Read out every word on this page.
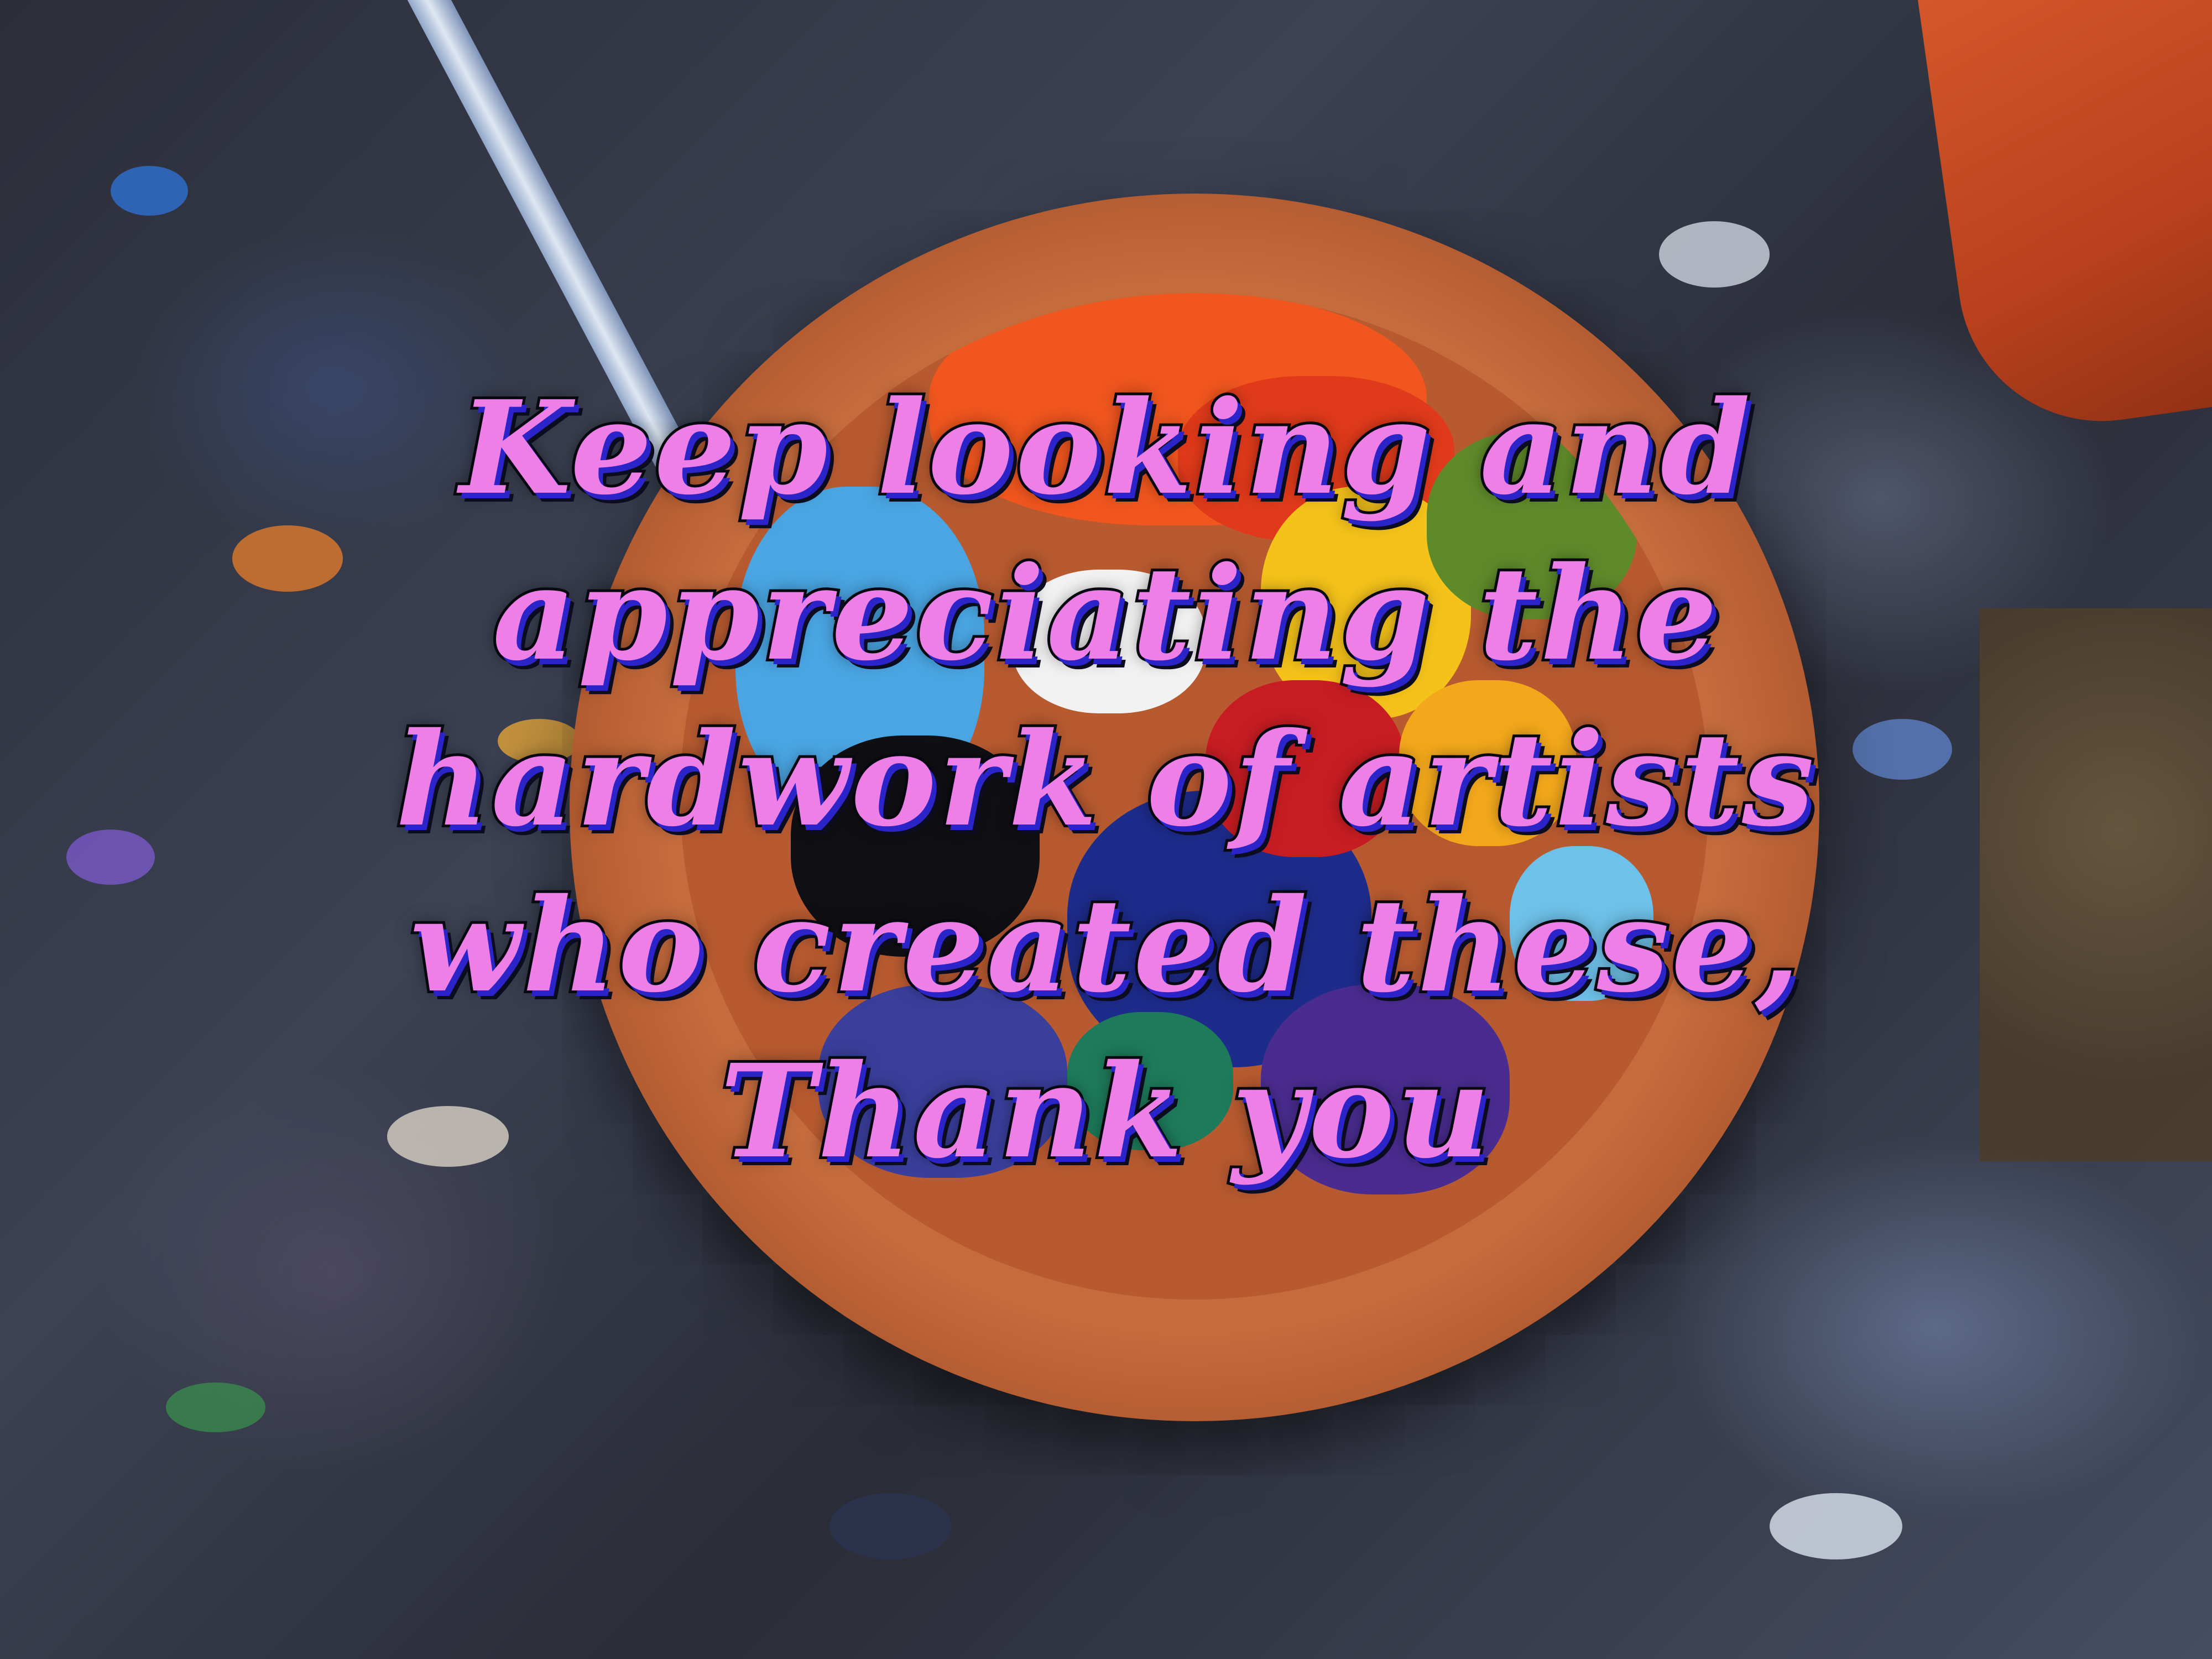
Keep looking and
appreciating the
hardwork of artists
who created these,
Thank you
